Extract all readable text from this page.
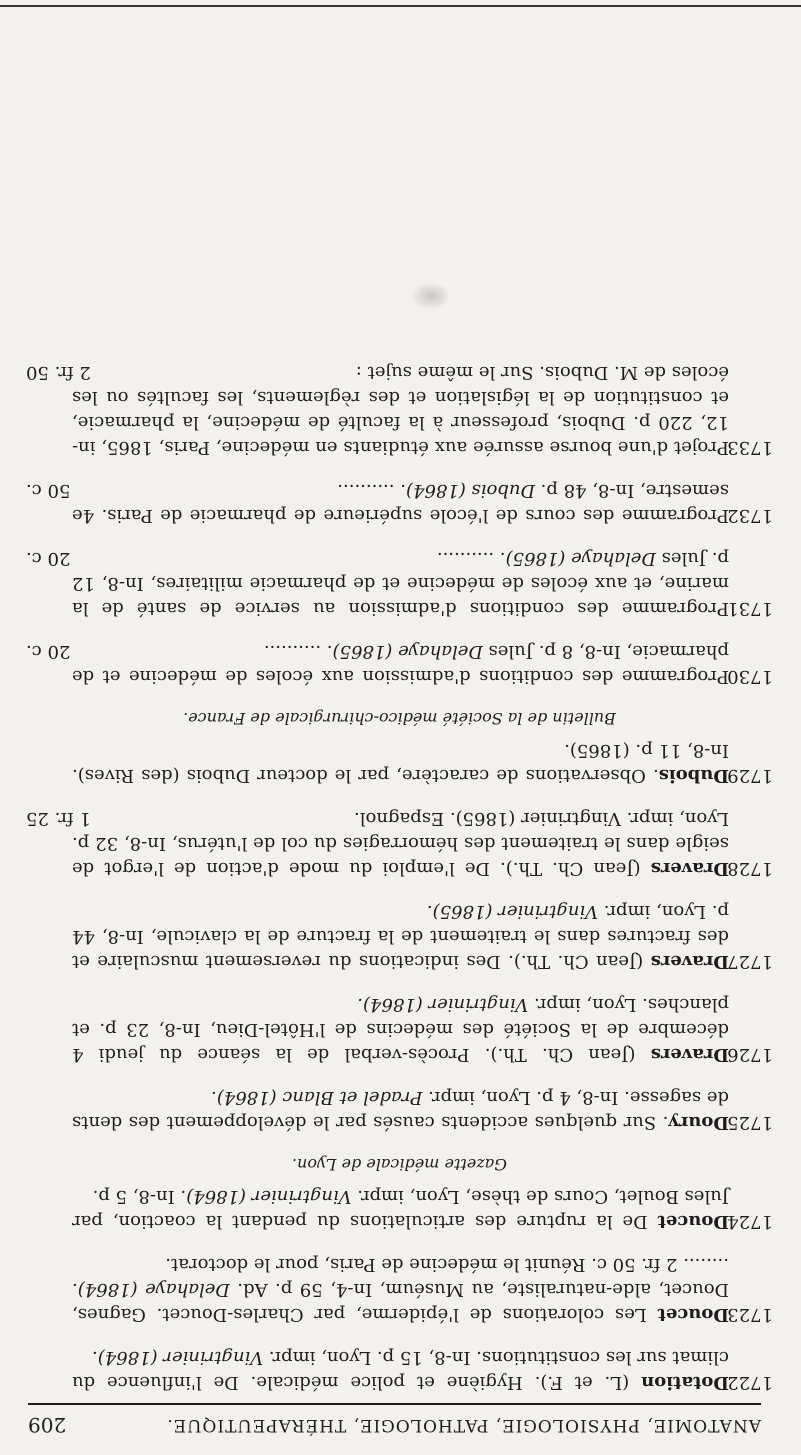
ANATOMIE, PHYSIOLOGIE, PATHOLOGIE, THÉRAPEUTIQUE.
209
1722
Dotation (L. et F.). Hygiène et police médicale. De l'influence du climat sur les constitutions. In-8, 15 p. Lyon, impr. Vingtrinier (1864).
1723
Doucet Les colorations de l'épiderme, par Charles-Doucet. Gagnes, Doucet, alde-naturaliste, au Muséum, In-4, 59 p. Ad. Delahaye (1864). ........ 2 fr. 50 c. Réunit le médecine de Paris, pour le doctorat.
1724
Doucet De la rupture des articulations du pendant la coaction, par Jules Boulet, Cours de thèse, Lyon, impr. Vingtrinier (1864). In-8, 5 p.
Gazette médicale de Lyon.
1725
Doury. Sur quelques accidents causés par le développement des dents de sagesse. In-8, 4 p. Lyon, impr. Pradel et Blanc (1864).
1726
Dravers (Jean Ch. Th.). Procès-verbal de la séance du jeudi 4 décembre de la Société des médecins de l'Hôtel-Dieu, In-8, 23 p. et planches. Lyon, impr. Vingtrinier (1864).
1727
Dravers (Jean Ch. Th.). Des indications du reversement musculaire et des fractures dans le traitement de la fracture de la clavicule, In-8, 44 p. Lyon, impr. Vingtrinier (1865).
1728
Dravers (Jean Ch. Th.). De l'emploi du mode d'action de l'ergot de seigle dans le traitement des hémorragies du col de l'utérus, In-8, 32 p. Lyon, impr. Vingtrinier (1865). Espagnol.
1 fr. 25
1729
Dubois. Observations de caractère, par le docteur Dubois (des Rives). In-8, 11 p. (1865).
Bulletin de la Société médico-chirurgicale de France.
1730
Programme des conditions d'admission aux écoles de médecine et de pharmacie, In-8, 8 p. Jules Delahaye (1865). ..........
20 c.
1731
Programme des conditions d'admission au service de santé de la marine, et aux écoles de médecine et de pharmacie militaires, In-8, 12 p. Jules Delahaye (1865). ..........
20 c.
1732
Programme des cours de l'école supérieure de pharmacie de Paris. 4e semestre, In-8, 48 p. Dubois (1864). ..........
50 c.
1733
Projet d'une bourse assurée aux étudiants en médecine, Paris, 1865, in-12, 220 p. Dubois, professeur à la faculté de médecine, la pharmacie, et constitution de la législation et des règlements, les facultés ou les écoles de M. Dubois. Sur le même sujet :
2 fr. 50
